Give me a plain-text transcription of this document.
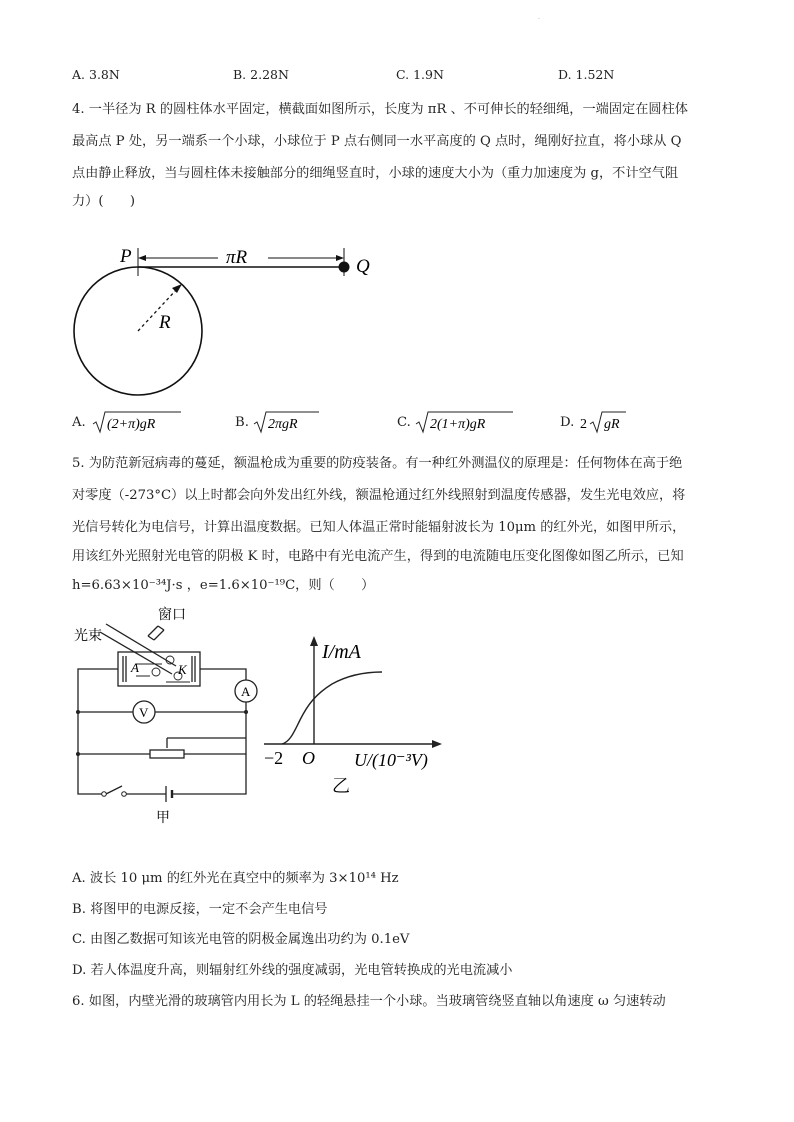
·
A. 3.8N	B. 2.28N	C. 1.9N	D. 1.52N
4. 一半径为 R 的圆柱体水平固定，横截面如图所示，长度为 πR 、不可伸长的轻细绳，一端固定在圆柱体
最高点 P 处，另一端系一个小球，小球位于 P 点右侧同一水平高度的 Q 点时，绳刚好拉直，将小球从 Q
点由静止释放，当与圆柱体未接触部分的细绳竖直时，小球的速度大小为（重力加速度为 g，不计空气阻
力）(　　)
P	Q
πR
R
A. (2+π)gR	B. 2πgR	C. 2(1+π)gR	D. 2 gR
5. 为防范新冠病毒的蔓延，额温枪成为重要的防疫装备。有一种红外测温仪的原理是：任何物体在高于绝
对零度（-273°C）以上时都会向外发出红外线，额温枪通过红外线照射到温度传感器，发生光电效应，将
光信号转化为电信号，计算出温度数据。已知人体温正常时能辐射波长为 10μm 的红外光，如图甲所示，
用该红外光照射光电管的阴极 K 时，电路中有光电流产生，得到的电流随电压变化图像如图乙所示，已知
h=6.63×10⁻³⁴J·s ，e=1.6×10⁻¹⁹C，则（　　）
A
V
A	K
窗口
光束
甲
I/mA
−2 O U/(10⁻³V)
乙
A. 波长 10 μm 的红外光在真空中的频率为 3×10¹⁴ Hz
B. 将图甲的电源反接，一定不会产生电信号
C. 由图乙数据可知该光电管的阴极金属逸出功约为 0.1eV
D. 若人体温度升高，则辐射红外线的强度减弱，光电管转换成的光电流减小
6. 如图，内壁光滑的玻璃管内用长为 L 的轻绳悬挂一个小球。当玻璃管绕竖直轴以角速度 ω 匀速转动
